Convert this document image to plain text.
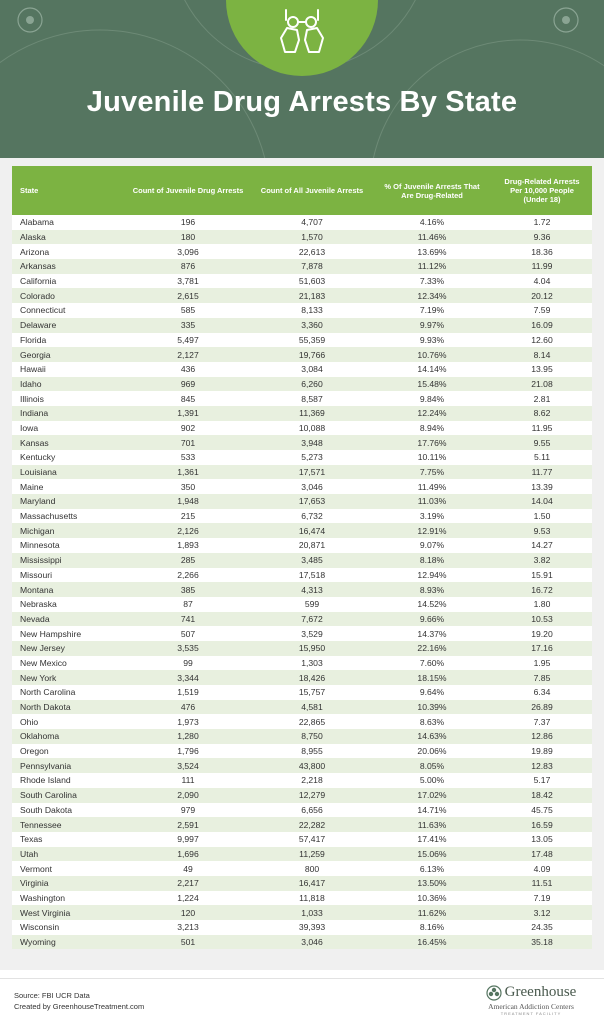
Juvenile Drug Arrests By State
State	Count of Juvenile Drug Arrests	Count of All Juvenile Arrests	% Of Juvenile Arrests That Are Drug-Related	Drug-Related Arrests Per 10,000 People (Under 18)
Alabama	196	4,707	4.16%	1.72
Alaska	180	1,570	11.46%	9.36
Arizona	3,096	22,613	13.69%	18.36
Arkansas	876	7,878	11.12%	11.99
California	3,781	51,603	7.33%	4.04
Colorado	2,615	21,183	12.34%	20.12
Connecticut	585	8,133	7.19%	7.59
Delaware	335	3,360	9.97%	16.09
Florida	5,497	55,359	9.93%	12.60
Georgia	2,127	19,766	10.76%	8.14
Hawaii	436	3,084	14.14%	13.95
Idaho	969	6,260	15.48%	21.08
Illinois	845	8,587	9.84%	2.81
Indiana	1,391	11,369	12.24%	8.62
Iowa	902	10,088	8.94%	11.95
Kansas	701	3,948	17.76%	9.55
Kentucky	533	5,273	10.11%	5.11
Louisiana	1,361	17,571	7.75%	11.77
Maine	350	3,046	11.49%	13.39
Maryland	1,948	17,653	11.03%	14.04
Massachusetts	215	6,732	3.19%	1.50
Michigan	2,126	16,474	12.91%	9.53
Minnesota	1,893	20,871	9.07%	14.27
Mississippi	285	3,485	8.18%	3.82
Missouri	2,266	17,518	12.94%	15.91
Montana	385	4,313	8.93%	16.72
Nebraska	87	599	14.52%	1.80
Nevada	741	7,672	9.66%	10.53
New Hampshire	507	3,529	14.37%	19.20
New Jersey	3,535	15,950	22.16%	17.16
New Mexico	99	1,303	7.60%	1.95
New York	3,344	18,426	18.15%	7.85
North Carolina	1,519	15,757	9.64%	6.34
North Dakota	476	4,581	10.39%	26.89
Ohio	1,973	22,865	8.63%	7.37
Oklahoma	1,280	8,750	14.63%	12.86
Oregon	1,796	8,955	20.06%	19.89
Pennsylvania	3,524	43,800	8.05%	12.83
Rhode Island	111	2,218	5.00%	5.17
South Carolina	2,090	12,279	17.02%	18.42
South Dakota	979	6,656	14.71%	45.75
Tennessee	2,591	22,282	11.63%	16.59
Texas	9,997	57,417	17.41%	13.05
Utah	1,696	11,259	15.06%	17.48
Vermont	49	800	6.13%	4.09
Virginia	2,217	16,417	13.50%	11.51
Washington	1,224	11,818	10.36%	7.19
West Virginia	120	1,033	11.62%	3.12
Wisconsin	3,213	39,393	8.16%	24.35
Wyoming	501	3,046	16.45%	35.18
Source: FBI UCR Data
Created by GreenhouseTreatment.com
Greenhouse
American Addiction Centers
TREATMENT FACILITY
